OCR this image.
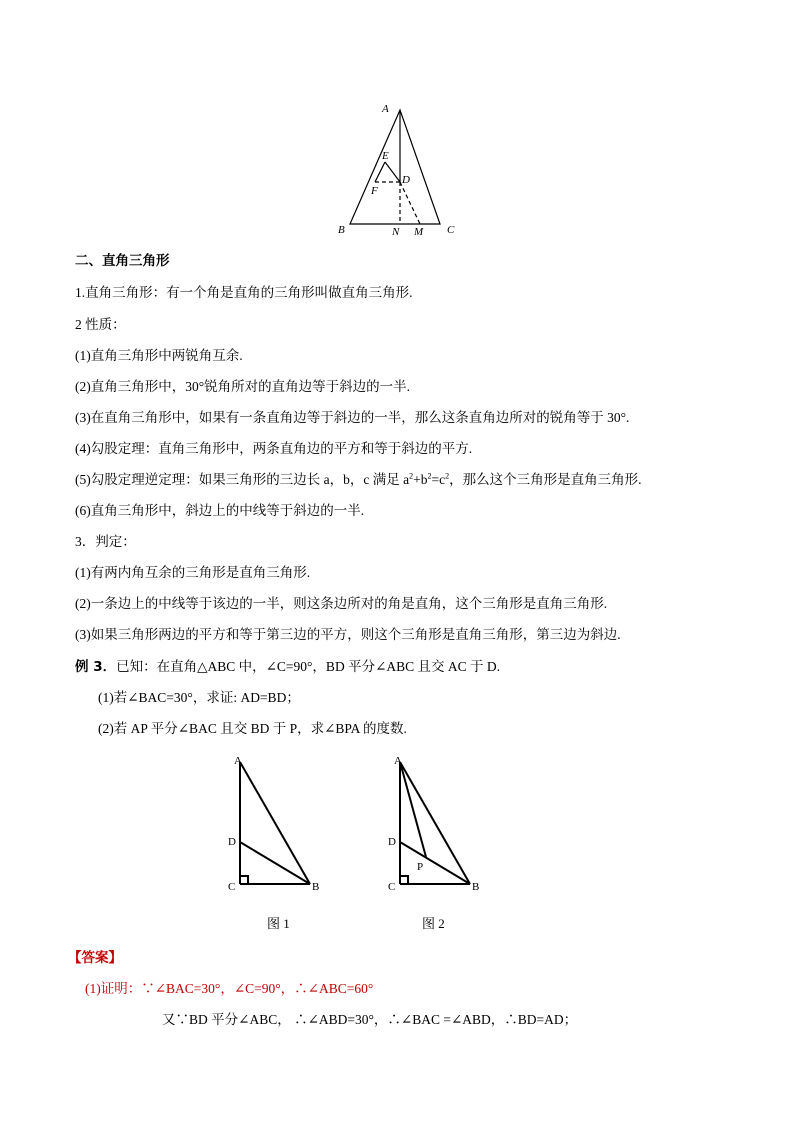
A
E
D
F
B	N M C
二、直角三角形
1.直角三角形：有一个角是直角的三角形叫做直角三角形.
2 性质：
(1)直角三角形中两锐角互余.
(2)直角三角形中，30°锐角所对的直角边等于斜边的一半.
(3)在直角三角形中，如果有一条直角边等于斜边的一半，那么这条直角边所对的锐角等于 30°.
(4)勾股定理：直角三角形中，两条直角边的平方和等于斜边的平方.
(5)勾股定理逆定理：如果三角形的三边长 a，b，c 满足 $a^2+b^2=c^2$，那么这个三角形是直角三角形.
(6)直角三角形中，斜边上的中线等于斜边的一半.
3．判定：
(1)有两内角互余的三角形是直角三角形.
(2)一条边上的中线等于该边的一半，则这条边所对的角是直角，这个三角形是直角三角形.
(3)如果三角形两边的平方和等于第三边的平方，则这个三角形是直角三角形，第三边为斜边.
例 3．已知：在直角△ABC 中，∠C=90°，BD 平分∠ABC 且交 AC 于 D.
(1)若∠BAC=30°，求证: AD=BD；
(2)若 AP 平分∠BAC 且交 BD 于 P，求∠BPA 的度数.
A
D
C	B
图 1
A
D
P
C	B
图 2
【答案】
(1)证明：∵∠BAC=30°，∠C=90°，∴∠ABC=60°
又∵BD 平分∠ABC， ∴∠ABD=30°，∴∠BAC =∠ABD，∴BD=AD；
